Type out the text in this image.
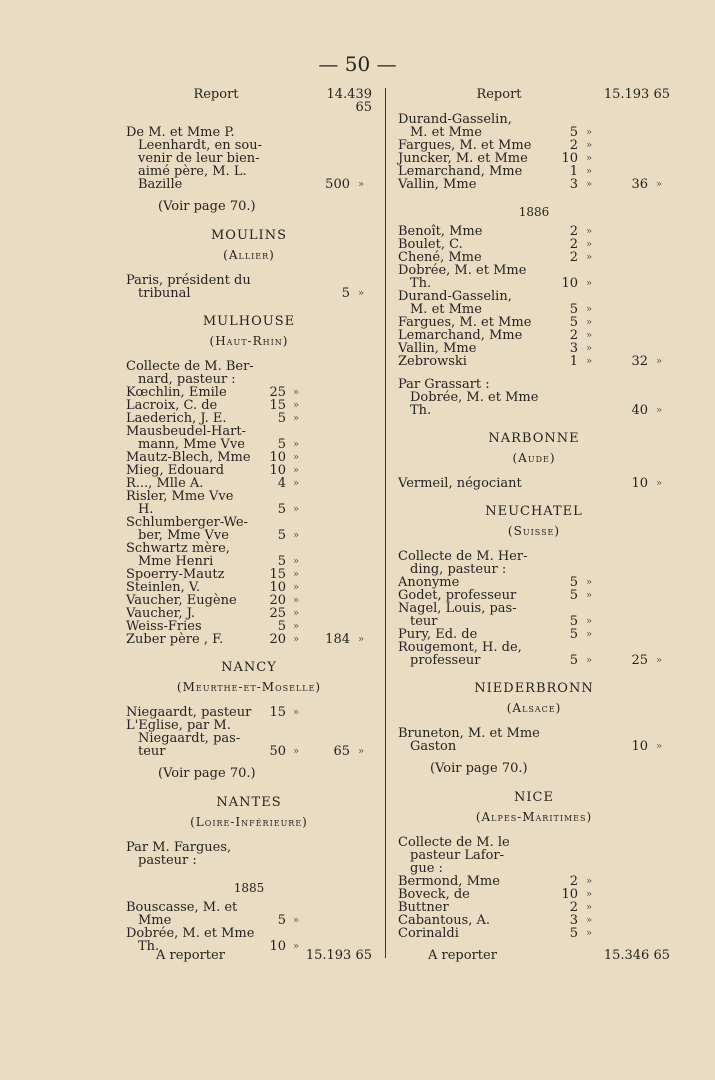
— 50 —
Report	14.439 65
De M. et Mme P.
Leenhardt, en sou-
venir de leur bien-
aimé père, M. L.
Bazille	500 »
(Voir page 70.)
MOULINS
(Allier)
Paris, président du
tribunal	5 »
MULHOUSE
(Haut-Rhin)
Collecte de M. Ber-
nard, pasteur :
Kœchlin, Emile	25 »
Lacroix, C. de	15 »
Laederich, J. E.	5 »
Mausbeudel-Hart-
mann, Mme Vve	5 »
Mautz-Blech, Mme	10 »
Mieg, Edouard	10 »
R..., Mlle A.	4 »
Risler, Mme Vve
H.	5 »
Schlumberger-We-
ber, Mme Vve	5 »
Schwartz mère,
Mme Henri	5 »
Spoerry-Mautz	15 »
Steinlen, V.	10 »
Vaucher, Eugène	20 »
Vaucher, J.	25 »
Weiss-Fries	5 »
Zuber père , F.	20 »	184 »
NANCY
(Meurthe-et-Moselle)
Niegaardt, pasteur	15 »
L'Eglise, par M.
Niegaardt, pas-
teur	50 »	65 »
(Voir page 70.)
NANTES
(Loire-Inférieure)
Par M. Fargues,
pasteur :
1885
Bouscasse, M. et
Mme	5 »
Dobrée, M. et Mme
Th.	10 »
Report	15.193 65
Durand-Gasselin,
M. et Mme	5 »
Fargues, M. et Mme	2 »
Juncker, M. et Mme	10 »
Lemarchand, Mme	1 »
Vallin, Mme	3 »	36 »
1886
Benoît, Mme	2 »
Boulet, C.	2 »
Chené, Mme	2 »
Dobrée, M. et Mme
Th.	10 »
Durand-Gasselin,
M. et Mme	5 »
Fargues, M. et Mme	5 »
Lemarchand, Mme	2 »
Vallin, Mme	3 »
Zebrowski	1 »	32 »
Par Grassart :
Dobrée, M. et Mme
Th.	40 »
NARBONNE
(Aude)
Vermeil, négociant	10 »
NEUCHATEL
(Suisse)
Collecte de M. Her-
ding, pasteur :
Anonyme	5 »
Godet, professeur	5 »
Nagel, Louis, pas-
teur	5 »
Pury, Ed. de	5 »
Rougemont, H. de,
professeur	5 »	25 »
NIEDERBRONN
(Alsace)
Bruneton, M. et Mme
Gaston	10 »
(Voir page 70.)
NICE
(Alpes-Maritimes)
Collecte de M. le
pasteur Lafor-
gue :
Bermond, Mme	2 »
Boveck, de	10 »
Buttner	2 »
Cabantous, A.	3 »
Corinaldi	5 »
A reporter	15.193 65	A reporter	15.346 65
